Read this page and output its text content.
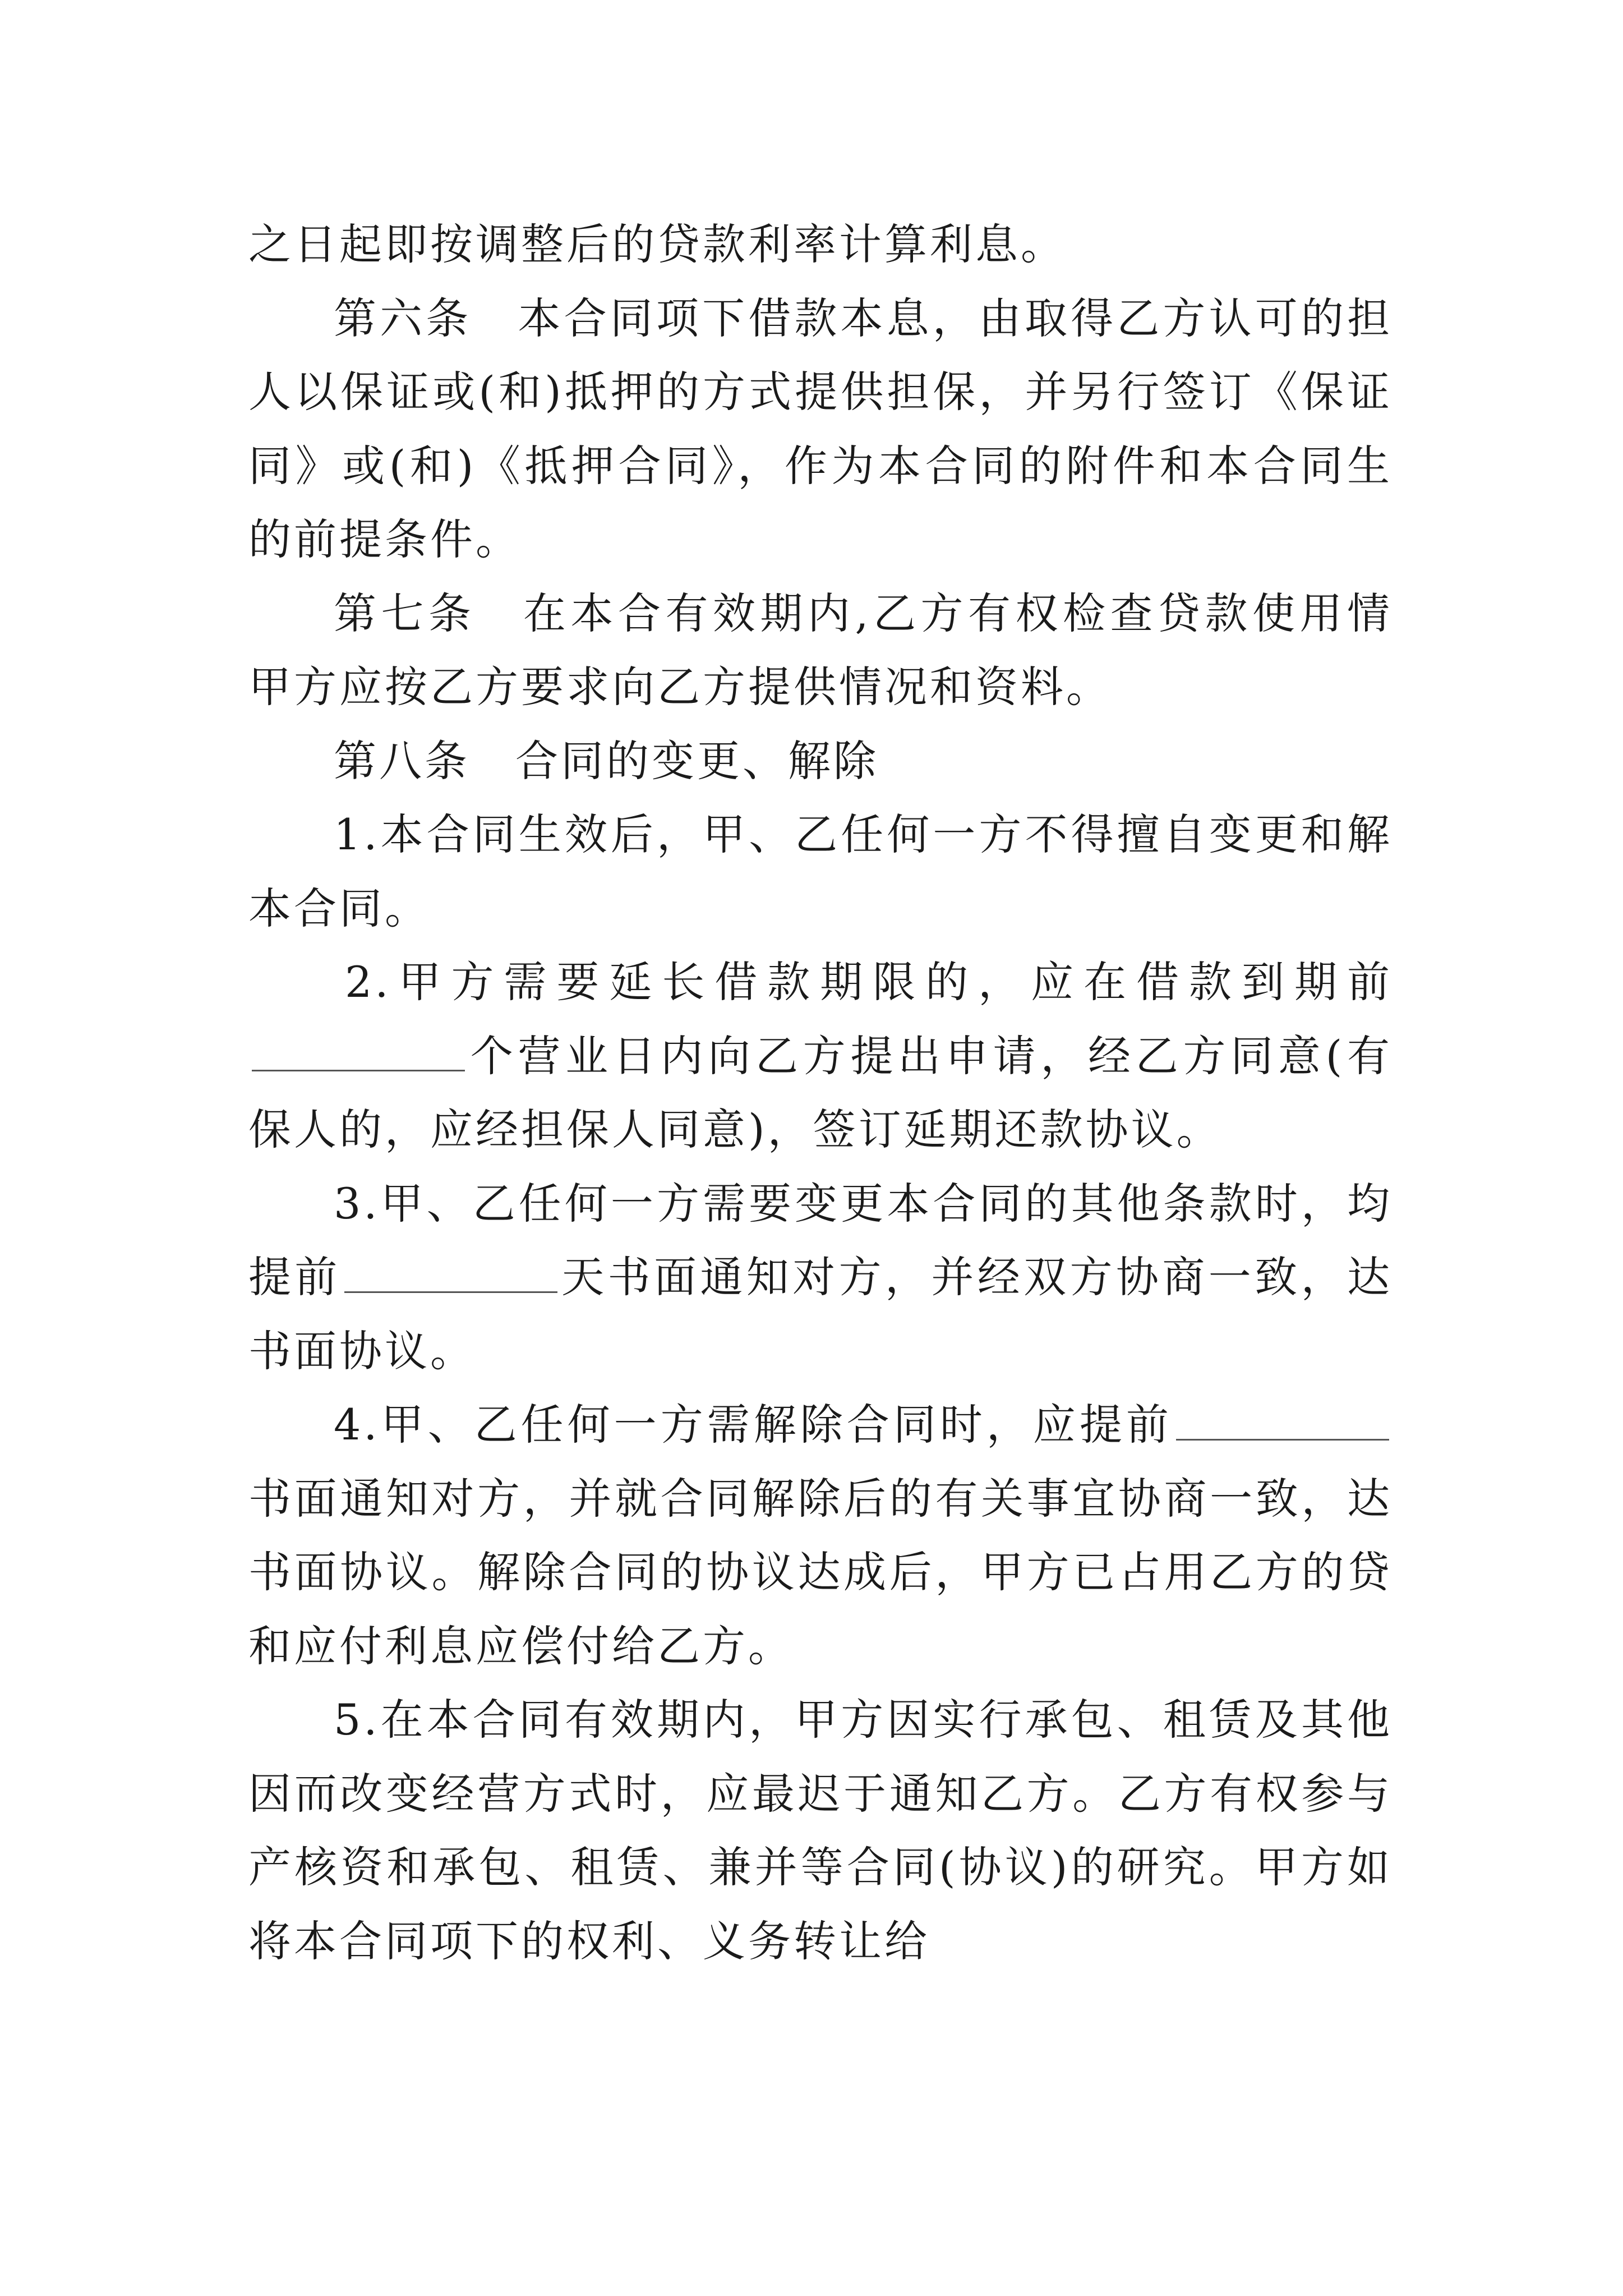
之日起即按调整后的贷款利率计算利息。
第六条　本合同项下借款本息，由取得乙方认可的担
人以保证或(和)抵押的方式提供担保，并另行签订《保证
同》或(和)《抵押合同》，作为本合同的附件和本合同生
的前提条件。
第七条　在本合有效期内,乙方有权检查贷款使用情
甲方应按乙方要求向乙方提供情况和资料。
第八条　合同的变更、解除
1.本合同生效后，甲、乙任何一方不得擅自变更和解
本合同。
2.甲方需要延长借款期限的，应在借款到期前
个营业日内向乙方提出申请，经乙方同意(有
保人的，应经担保人同意)，签订延期还款协议。
3.甲、乙任何一方需要变更本合同的其他条款时，均
提前	天书面通知对方，并经双方协商一致，达
书面协议。
4.甲、乙任何一方需解除合同时，应提前
书面通知对方，并就合同解除后的有关事宜协商一致，达
书面协议。解除合同的协议达成后，甲方已占用乙方的贷
和应付利息应偿付给乙方。
5.在本合同有效期内，甲方因实行承包、租赁及其他
因而改变经营方式时，应最迟于通知乙方。乙方有权参与
产核资和承包、租赁、兼并等合同(协议)的研究。甲方如
将本合同项下的权利、义务转让给
